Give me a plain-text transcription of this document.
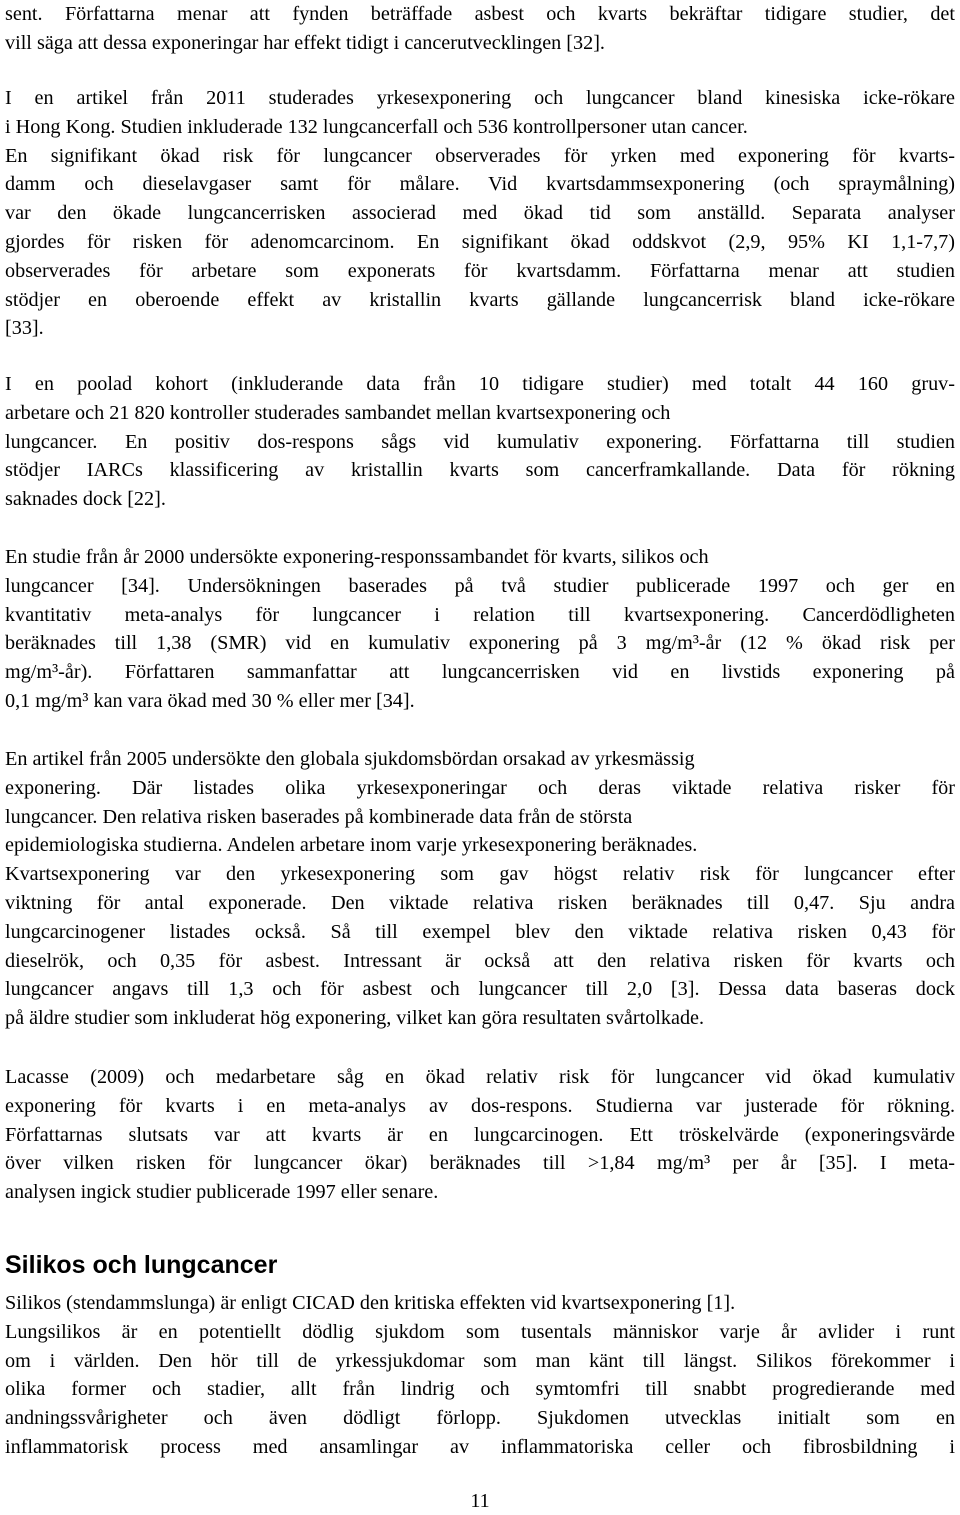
sent. Författarna menar att fynden beträffade asbest och kvarts bekräftar tidigare studier, det
vill säga att dessa exponeringar har effekt tidigt i cancerutvecklingen [32].

I en artikel från 2011 studerades yrkesexponering och lungcancer bland kinesiska icke-rökare
i Hong Kong. Studien inkluderade 132 lungcancerfall och 536 kontrollpersoner utan cancer.
En signifikant ökad risk för lungcancer observerades för yrken med exponering för kvarts-
damm och dieselavgaser samt för målare. Vid kvartsdammsexponering (och spraymålning)
var den ökade lungcancerrisken associerad med ökad tid som anställd. Separata analyser
gjordes för risken för adenomcarcinom. En signifikant ökad oddskvot (2,9, 95% KI 1,1-7,7)
observerades för arbetare som exponerats för kvartsdamm. Författarna menar att studien
stödjer en oberoende effekt av kristallin kvarts gällande lungcancerrisk bland icke-rökare
[33].

I en poolad kohort (inkluderande data från 10 tidigare studier) med totalt 44 160 gruv-
arbetare och 21 820 kontroller studerades sambandet mellan kvartsexponering och
lungcancer. En positiv dos-respons sågs vid kumulativ exponering. Författarna till studien
stödjer IARCs klassificering av kristallin kvarts som cancerframkallande. Data för rökning
saknades dock [22].

En studie från år 2000 undersökte exponering-responssambandet för kvarts, silikos och
lungcancer [34]. Undersökningen baserades på två studier publicerade 1997 och ger en
kvantitativ meta-analys för lungcancer i relation till kvartsexponering. Cancerdödligheten
beräknades till 1,38 (SMR) vid en kumulativ exponering på 3 mg/m³-år (12 % ökad risk per
mg/m³-år). Författaren sammanfattar att lungcancerrisken vid en livstids exponering på
0,1 mg/m³ kan vara ökad med 30 % eller mer [34].

En artikel från 2005 undersökte den globala sjukdomsbördan orsakad av yrkesmässig
exponering. Där listades olika yrkesexponeringar och deras viktade relativa risker för
lungcancer. Den relativa risken baserades på kombinerade data från de största
epidemiologiska studierna. Andelen arbetare inom varje yrkesexponering beräknades.
Kvartsexponering var den yrkesexponering som gav högst relativ risk för lungcancer efter
viktning för antal exponerade. Den viktade relativa risken beräknades till 0,47. Sju andra
lungcarcinogener listades också. Så till exempel blev den viktade relativa risken 0,43 för
dieselrök, och 0,35 för asbest. Intressant är också att den relativa risken för kvarts och
lungcancer angavs till 1,3 och för asbest och lungcancer till 2,0 [3]. Dessa data baseras dock
på äldre studier som inkluderat hög exponering, vilket kan göra resultaten svårtolkade.

Lacasse (2009) och medarbetare såg en ökad relativ risk för lungcancer vid ökad kumulativ
exponering för kvarts i en meta-analys av dos-respons. Studierna var justerade för rökning.
Författarnas slutsats var att kvarts är en lungcarcinogen. Ett tröskelvärde (exponeringsvärde
över vilken risken för lungcancer ökar) beräknades till >1,84 mg/m³ per år [35]. I meta-
analysen ingick studier publicerade 1997 eller senare.

Silikos och lungcancer

Silikos (stendammslunga) är enligt CICAD den kritiska effekten vid kvartsexponering [1].
Lungsilikos är en potentiellt dödlig sjukdom som tusentals människor varje år avlider i runt
om i världen. Den hör till de yrkessjukdomar som man känt till längst. Silikos förekommer i
olika former och stadier, allt från lindrig och symtomfri till snabbt progredierande med
andningssvårigheter och även dödligt förlopp. Sjukdomen utvecklas initialt som en
inflammatorisk process med ansamlingar av inflammatoriska celler och fibrosbildning i

11
